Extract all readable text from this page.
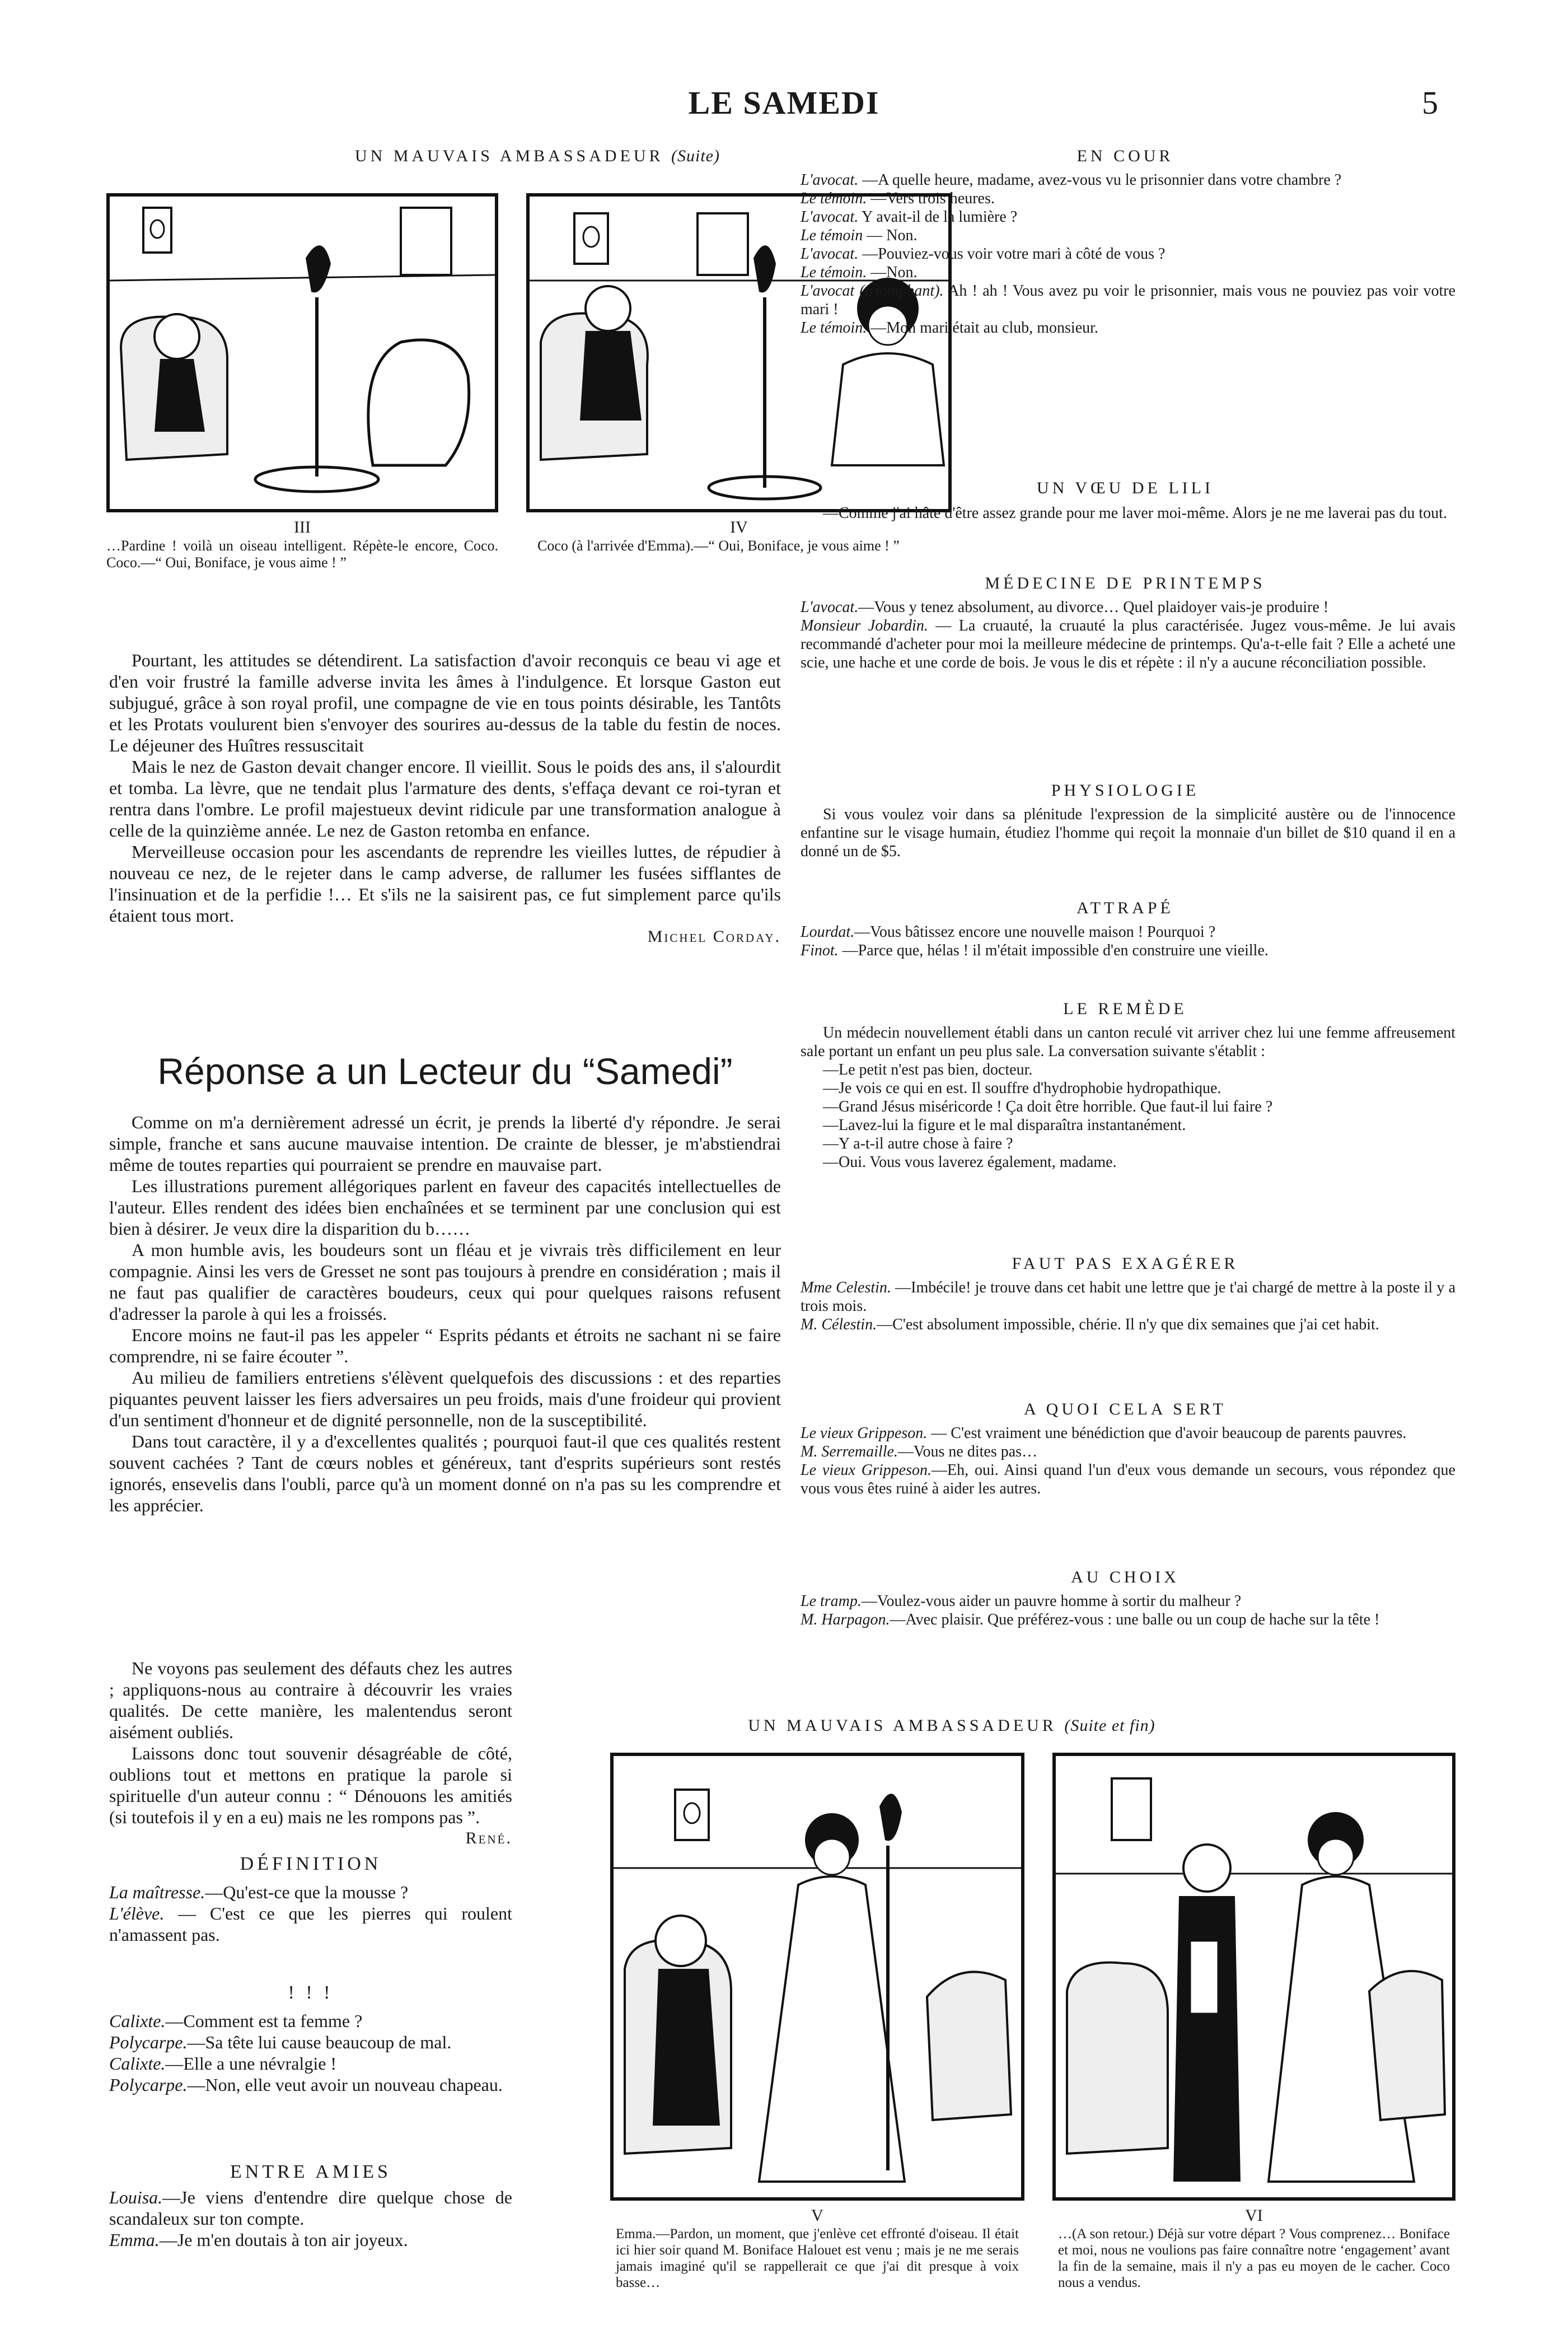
LE SAMEDI	5
UN MAUVAIS AMBASSADEUR (Suite)
III
…Pardine ! voilà un oiseau intelligent. Répète-le encore, Coco. Coco.—“ Oui, Boniface, je vous aime ! ”
IV
Coco (à l'arrivée d'Emma).—“ Oui, Boniface, je vous aime ! ”

Pourtant, les attitudes se détendirent. La satisfaction d'avoir reconquis ce beau vi age et d'en voir frustré la famille adverse invita les âmes à l'indulgence. Et lorsque Gaston eut subjugué, grâce à son royal profil, une compagne de vie en tous points désirable, les Tantôts et les Protats voulurent bien s'envoyer des sourires au-dessus de la table du festin de noces. Le déjeuner des Huîtres ressuscitait

Mais le nez de Gaston devait changer encore. Il vieillit. Sous le poids des ans, il s'alourdit et tomba. La lèvre, que ne tendait plus l'armature des dents, s'effaça devant ce roi-tyran et rentra dans l'ombre. Le profil majestueux devint ridicule par une transformation analogue à celle de la quinzième année. Le nez de Gaston retomba en enfance.

Merveilleuse occasion pour les ascendants de reprendre les vieilles luttes, de répudier à nouveau ce nez, de le rejeter dans le camp adverse, de rallumer les fusées sifflantes de l'insinuation et de la perfidie !… Et s'ils ne la saisirent pas, ce fut simplement parce qu'ils étaient tous mort.

Michel Corday.
Réponse a un Lecteur du “Samedi”

Comme on m'a dernièrement adressé un écrit, je prends la liberté d'y répondre. Je serai simple, franche et sans aucune mauvaise intention. De crainte de blesser, je m'abstiendrai même de toutes reparties qui pourraient se prendre en mauvaise part.

Les illustrations purement allégoriques parlent en faveur des capacités intellectuelles de l'auteur. Elles rendent des idées bien enchaînées et se terminent par une conclusion qui est bien à désirer. Je veux dire la disparition du b……

A mon humble avis, les boudeurs sont un fléau et je vivrais très difficilement en leur compagnie. Ainsi les vers de Gresset ne sont pas toujours à prendre en considération ; mais il ne faut pas qualifier de caractères boudeurs, ceux qui pour quelques raisons refusent d'adresser la parole à qui les a froissés.

Encore moins ne faut-il pas les appeler “ Esprits pédants et étroits ne sachant ni se faire comprendre, ni se faire écouter ”.

Au milieu de familiers entretiens s'élèvent quelquefois des discussions : et des reparties piquantes peuvent laisser les fiers adversaires un peu froids, mais d'une froideur qui provient d'un sentiment d'honneur et de dignité personnelle, non de la susceptibilité.

Dans tout caractère, il y a d'excellentes qualités ; pourquoi faut-il que ces qualités restent souvent cachées ? Tant de cœurs nobles et généreux, tant d'esprits supérieurs sont restés ignorés, ensevelis dans l'oubli, parce qu'à un moment donné on n'a pas su les comprendre et les apprécier.

Ne voyons pas seulement des défauts chez les autres ; appliquons-nous au contraire à découvrir les vraies qualités. De cette manière, les malentendus seront aisément oubliés.

Laissons donc tout souvenir désagréable de côté, oublions tout et mettons en pratique la parole si spirituelle d'un auteur connu : “ Dénouons les amitiés (si toutefois il y en a eu) mais ne les rompons pas ”.

René.
DÉFINITION

La maîtresse.—Qu'est-ce que la mousse ?

L'élève. — C'est ce que les pierres qui roulent n'amassent pas.

! ! !

Calixte.—Comment est ta femme ?

Polycarpe.—Sa tête lui cause beaucoup de mal.

Calixte.—Elle a une névralgie !

Polycarpe.—Non, elle veut avoir un nouveau chapeau.

ENTRE AMIES

Louisa.—Je viens d'entendre dire quelque chose de scandaleux sur ton compte.

Emma.—Je m'en doutais à ton air joyeux.

EN COUR

L'avocat. —A quelle heure, madame, avez-vous vu le prisonnier dans votre chambre ?

Le témoin. —Vers trois heures.

L'avocat. Y avait-il de la lumière ?

Le témoin — Non.

L'avocat. —Pouviez-vous voir votre mari à côté de vous ?

Le témoin. —Non.

L'avocat (triomphant). Ah ! ah ! Vous avez pu voir le prisonnier, mais vous ne pouviez pas voir votre mari !

Le témoin. —Mon mari était au club, monsieur.

UN VŒU DE LILI

—Comme j'ai hâte d'être assez grande pour me laver moi-même. Alors je ne me laverai pas du tout.

MÉDECINE DE PRINTEMPS

L'avocat.—Vous y tenez absolument, au divorce… Quel plaidoyer vais-je produire !

Monsieur Jobardin. — La cruauté, la cruauté la plus caractérisée. Jugez vous-même. Je lui avais recommandé d'acheter pour moi la meilleure médecine de printemps. Qu'a-t-elle fait ? Elle a acheté une scie, une hache et une corde de bois. Je vous le dis et répète : il n'y a aucune réconciliation possible.

PHYSIOLOGIE

Si vous voulez voir dans sa plénitude l'expression de la simplicité austère ou de l'innocence enfantine sur le visage humain, étudiez l'homme qui reçoit la monnaie d'un billet de $10 quand il en a donné un de $5.

ATTRAPÉ

Lourdat.—Vous bâtissez encore une nouvelle maison ! Pourquoi ?

Finot. —Parce que, hélas ! il m'était impossible d'en construire une vieille.

LE REMÈDE

Un médecin nouvellement établi dans un canton reculé vit arriver chez lui une femme affreusement sale portant un enfant un peu plus sale. La conversation suivante s'établit :

—Le petit n'est pas bien, docteur.

—Je vois ce qui en est. Il souffre d'hydrophobie hydropathique.

—Grand Jésus miséricorde ! Ça doit être horrible. Que faut-il lui faire ?

—Lavez-lui la figure et le mal disparaîtra instantanément.

—Y a-t-il autre chose à faire ?

—Oui. Vous vous laverez également, madame.

FAUT PAS EXAGÉRER

Mme Celestin. —Imbécile! je trouve dans cet habit une lettre que je t'ai chargé de mettre à la poste il y a trois mois.

M. Célestin.—C'est absolument impossible, chérie. Il n'y que dix semaines que j'ai cet habit.

A QUOI CELA SERT

Le vieux Grippeson. — C'est vraiment une bénédiction que d'avoir beaucoup de parents pauvres.

M. Serremaille.—Vous ne dites pas…

Le vieux Grippeson.—Eh, oui. Ainsi quand l'un d'eux vous demande un secours, vous répondez que vous vous êtes ruiné à aider les autres.

AU CHOIX

Le tramp.—Voulez-vous aider un pauvre homme à sortir du malheur ?

M. Harpagon.—Avec plaisir. Que préférez-vous : une balle ou un coup de hache sur la tête !

UN MAUVAIS AMBASSADEUR (Suite et fin)
V
Emma.—Pardon, un moment, que j'enlève cet effronté d'oiseau. Il était ici hier soir quand M. Boniface Halouet est venu ; mais je ne me serais jamais imaginé qu'il se rappellerait ce que j'ai dit presque à voix basse…
VI
…(A son retour.) Déjà sur votre départ ? Vous comprenez… Boniface et moi, nous ne voulions pas faire connaître notre ‘engagement’ avant la fin de la semaine, mais il n'y a pas eu moyen de le cacher. Coco nous a vendus.
